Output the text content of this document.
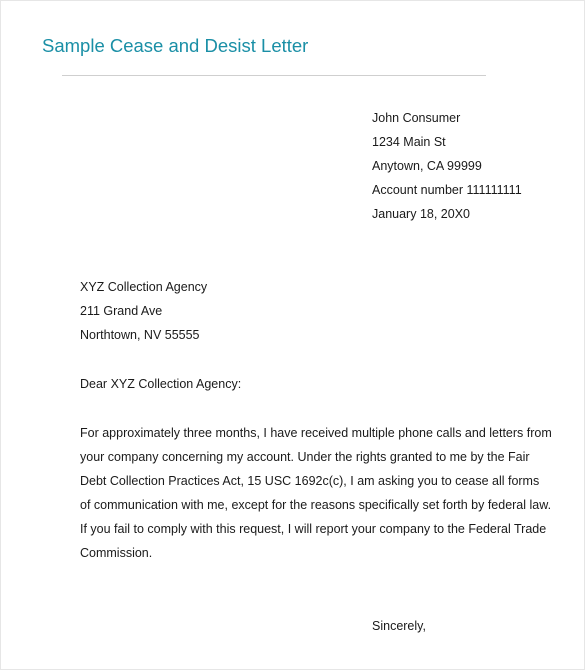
Sample Cease and Desist Letter
John Consumer
1234 Main St
Anytown, CA 99999
Account number 111111111
January 18, 20X0
XYZ Collection Agency
211 Grand Ave
Northtown, NV 55555
Dear XYZ Collection Agency:
For approximately three months, I have received multiple phone calls and letters from
your company concerning my account. Under the rights granted to me by the Fair
Debt Collection Practices Act, 15 USC 1692c(c), I am asking you to cease all forms
of communication with me, except for the reasons specifically set forth by federal law.
If you fail to comply with this request, I will report your company to the Federal Trade
Commission.
Sincerely,
